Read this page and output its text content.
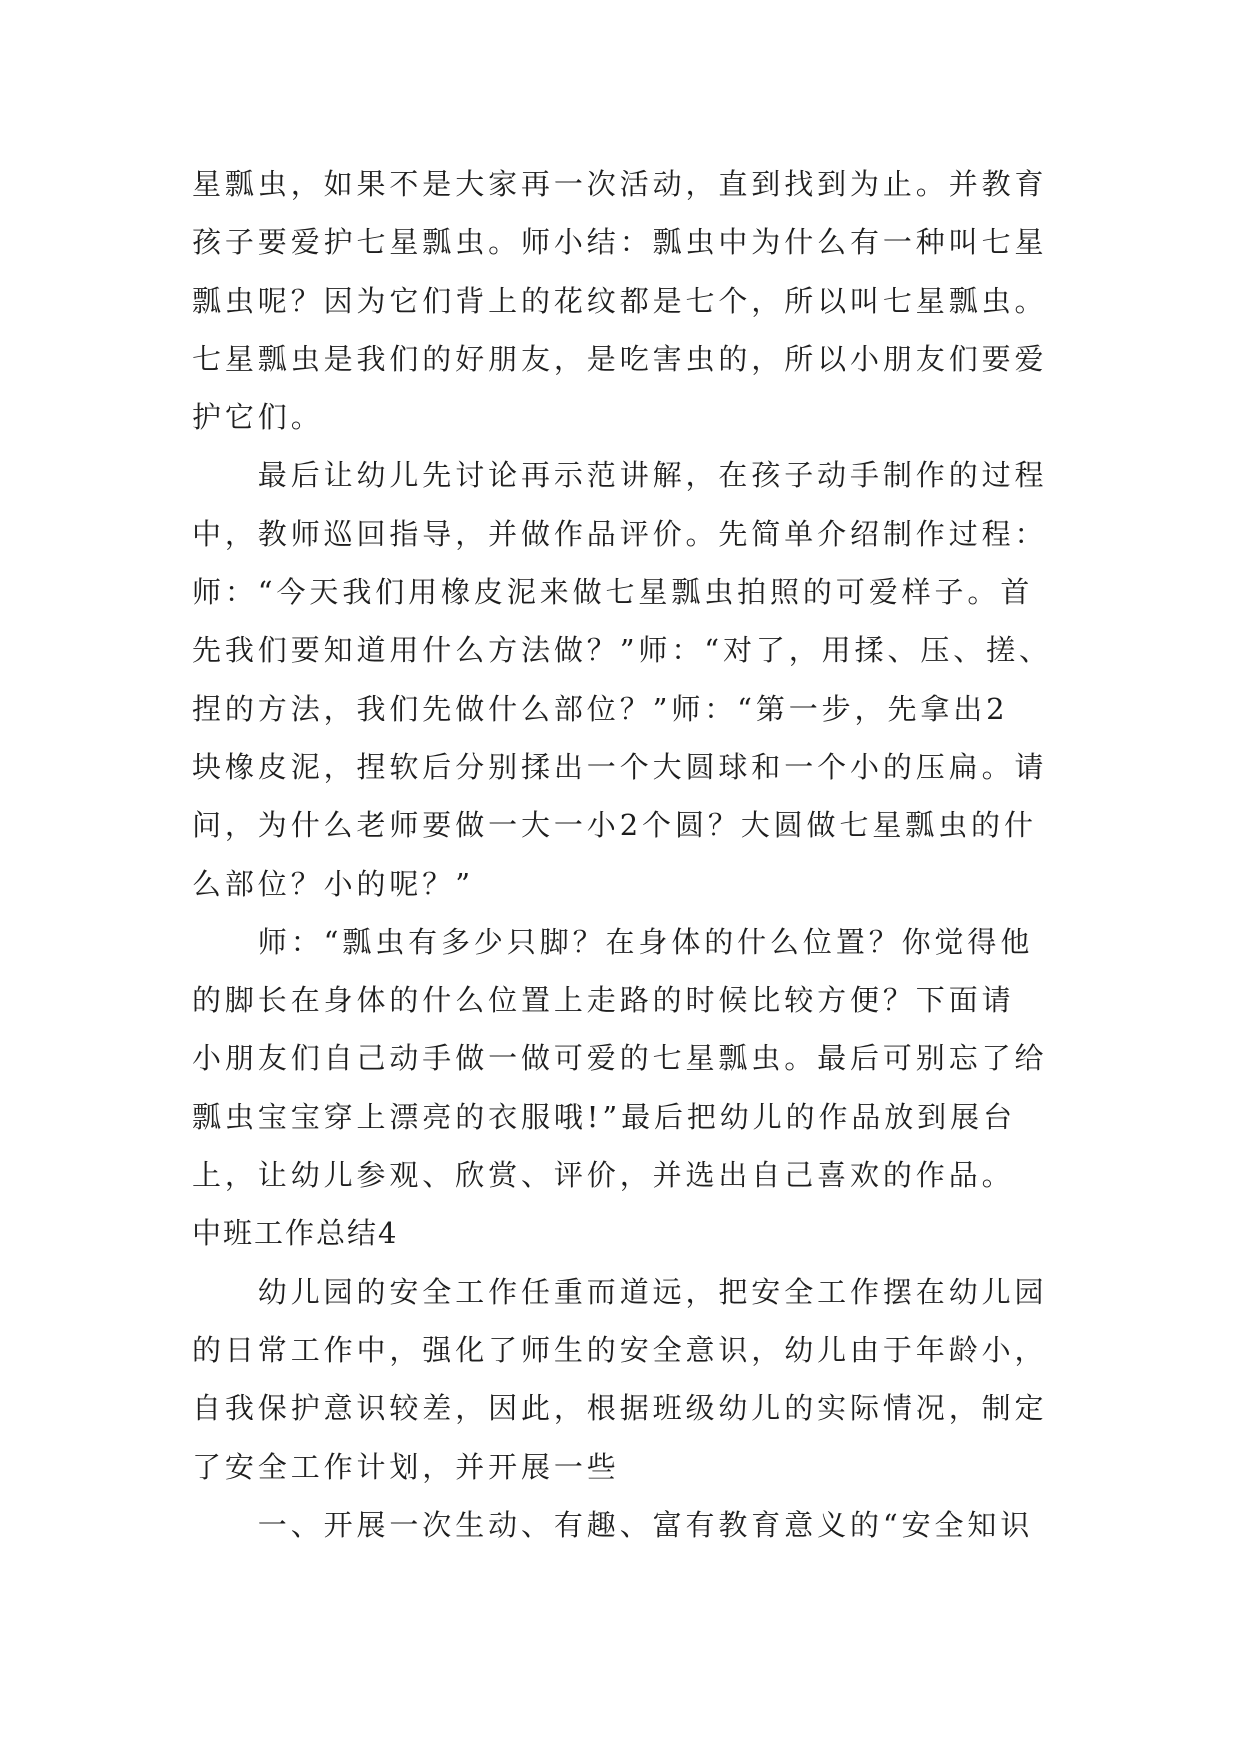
星瓢虫，如果不是大家再一次活动，直到找到为止。并教育
孩子要爱护七星瓢虫。师小结：瓢虫中为什么有一种叫七星
瓢虫呢？因为它们背上的花纹都是七个，所以叫七星瓢虫。
七星瓢虫是我们的好朋友，是吃害虫的，所以小朋友们要爱
护它们。
最后让幼儿先讨论再示范讲解，在孩子动手制作的过程
中，教师巡回指导，并做作品评价。先简单介绍制作过程：
师：“今天我们用橡皮泥来做七星瓢虫拍照的可爱样子。首
先我们要知道用什么方法做？”师：“对了，用揉、压、搓、
捏的方法，我们先做什么部位？”师：“第一步，先拿出2
块橡皮泥，捏软后分别揉出一个大圆球和一个小的压扁。请
问，为什么老师要做一大一小2个圆？大圆做七星瓢虫的什
么部位？小的呢？”
师：“瓢虫有多少只脚？在身体的什么位置？你觉得他
的脚长在身体的什么位置上走路的时候比较方便？下面请
小朋友们自己动手做一做可爱的七星瓢虫。最后可别忘了给
瓢虫宝宝穿上漂亮的衣服哦!”最后把幼儿的作品放到展台
上，让幼儿参观、欣赏、评价，并选出自己喜欢的作品。
中班工作总结4
幼儿园的安全工作任重而道远，把安全工作摆在幼儿园
的日常工作中，强化了师生的安全意识，幼儿由于年龄小，
自我保护意识较差，因此，根据班级幼儿的实际情况，制定
了安全工作计划，并开展一些
一、开展一次生动、有趣、富有教育意义的“安全知识
